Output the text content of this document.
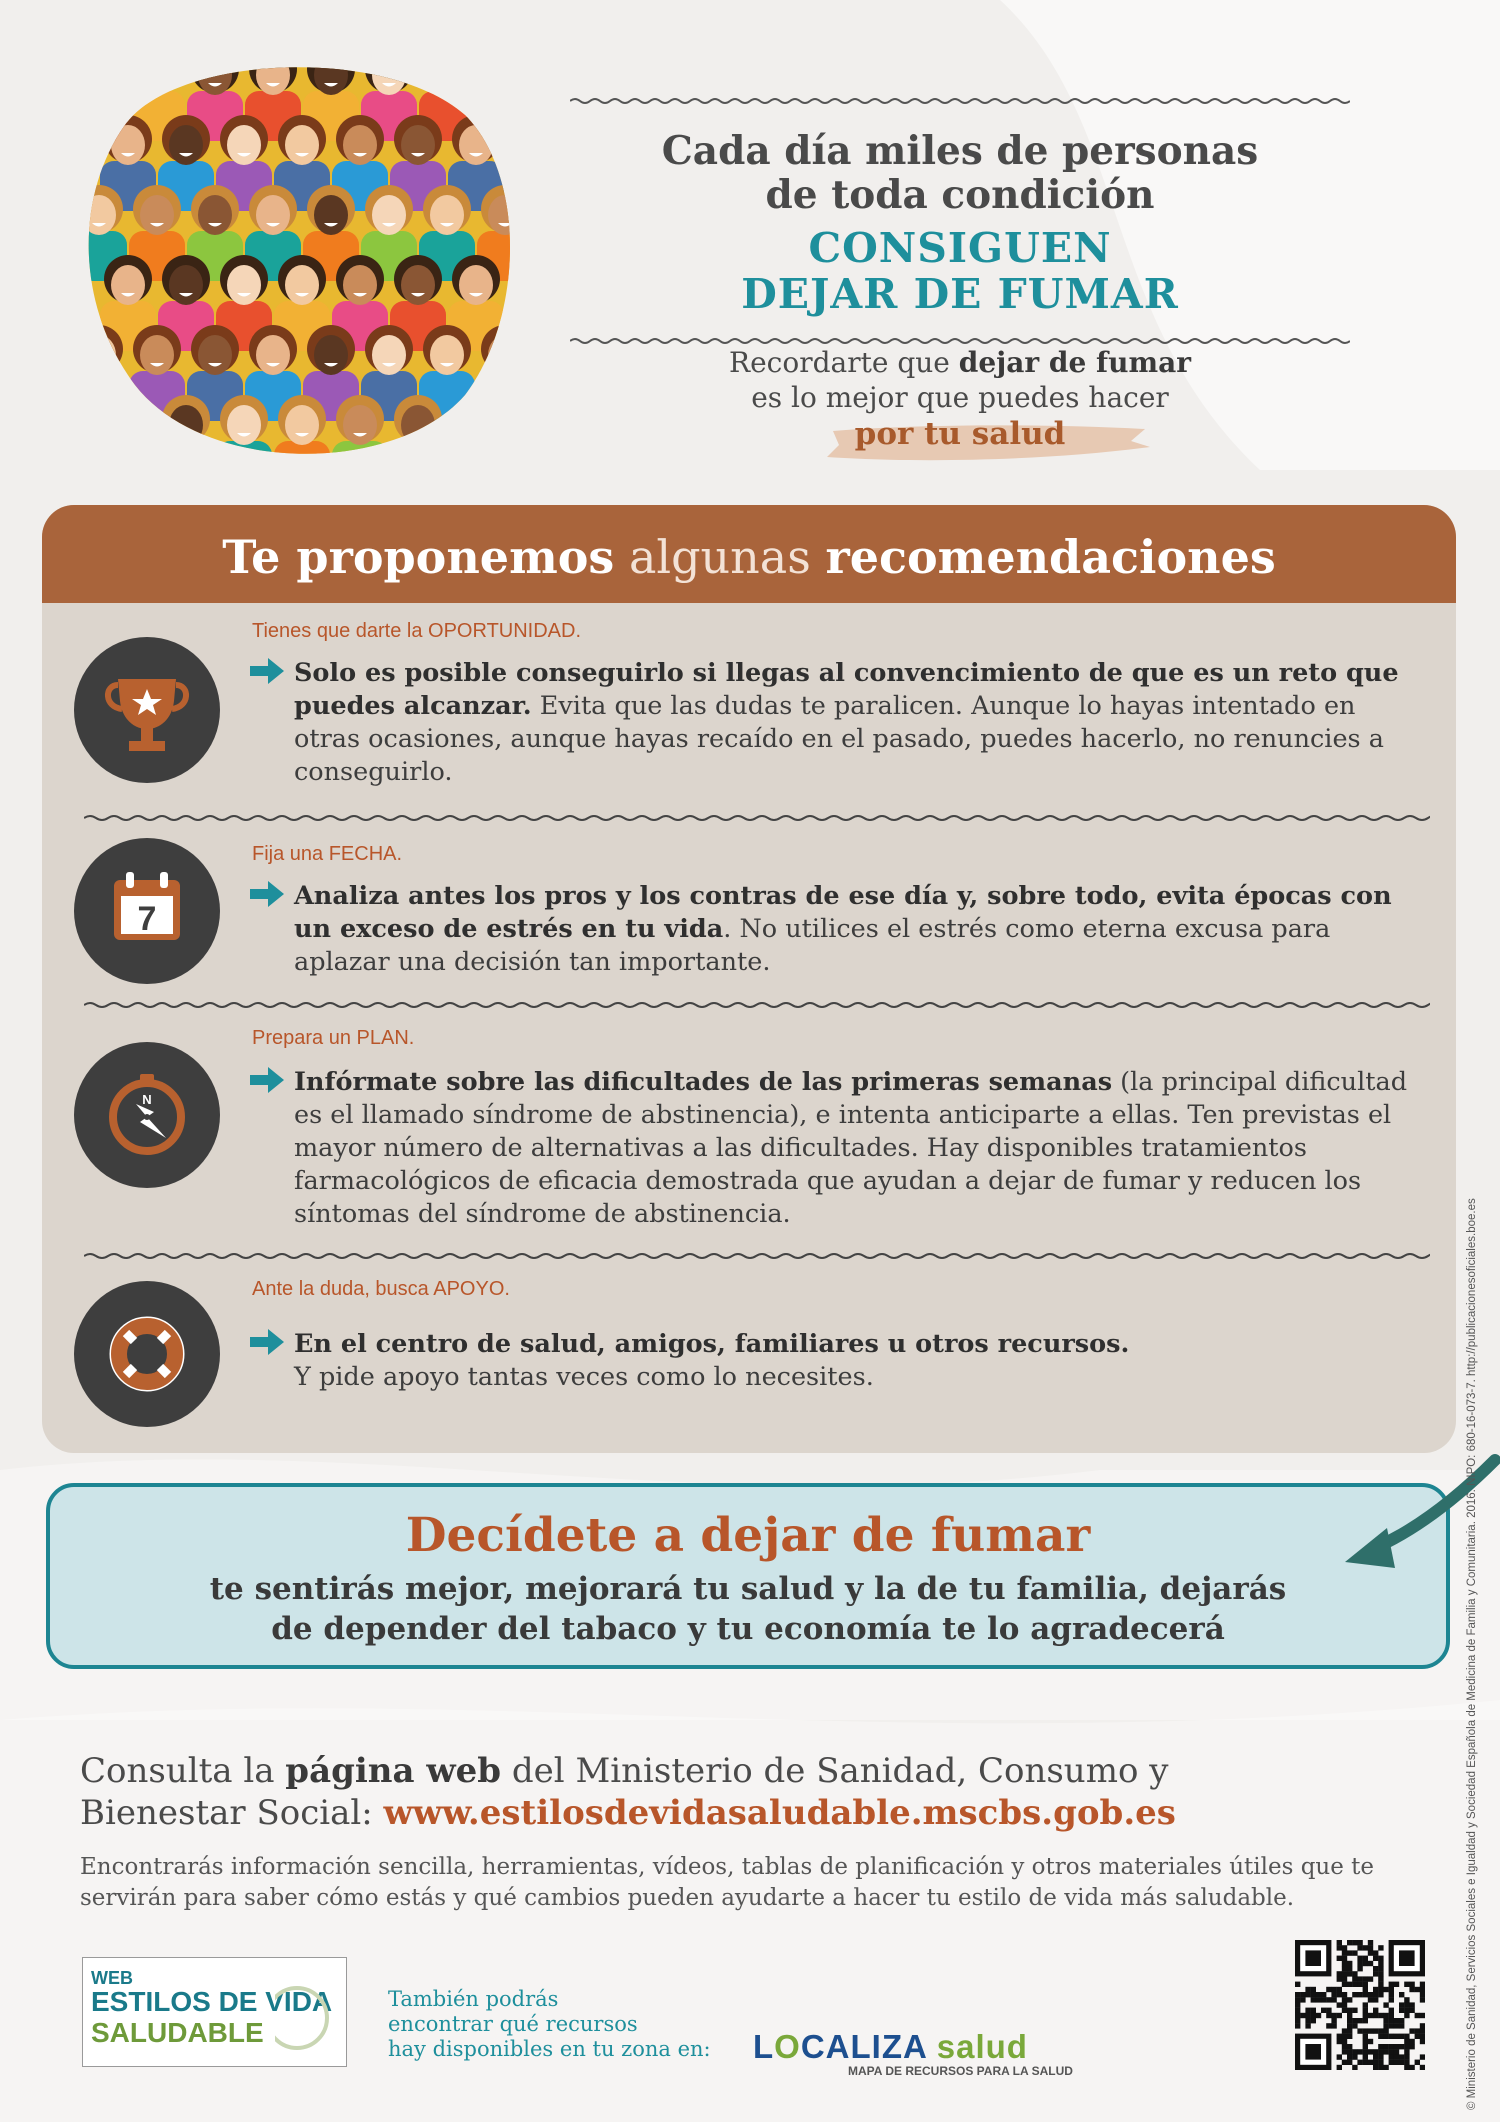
Cada día miles de personas
de toda condición
CONSIGUEN
DEJAR DE FUMAR
Recordarte que dejar de fumar
es lo mejor que puedes hacer
por tu salud
Te proponemos algunas recomendaciones
Tienes que darte la OPORTUNIDAD.
Solo es posible conseguirlo si llegas al convencimiento de que es un reto que puedes alcanzar. Evita que las dudas te paralicen. Aunque lo hayas intentado en otras ocasiones, aunque hayas recaído en el pasado, puedes hacerlo, no renuncies a conseguirlo.
Fija una FECHA.
7
Analiza antes los pros y los contras de ese día y, sobre todo, evita épocas con un exceso de estrés en tu vida. No utilices el estrés como eterna excusa para aplazar una decisión tan importante.
Prepara un PLAN.
N
Infórmate sobre las dificultades de las primeras semanas (la principal dificultad es el llamado síndrome de abstinencia), e intenta anticiparte a ellas. Ten previstas el mayor número de alternativas a las dificultades. Hay disponibles tratamientos farmacológicos de eficacia demostrada que ayudan a dejar de fumar y reducen los síntomas del síndrome de abstinencia.
Ante la duda, busca APOYO.
En el centro de salud, amigos, familiares u otros recursos.
Y pide apoyo tantas veces como lo necesites.
Decídete a dejar de fumar
te sentirás mejor, mejorará tu salud y la de tu familia, dejarás
de depender del tabaco y tu economía te lo agradecerá
Consulta la página web del Ministerio de Sanidad, Consumo y
Bienestar Social: www.estilosdevidasaludable.mscbs.gob.es
Encontrarás información sencilla, herramientas, vídeos, tablas de planificación y otros materiales útiles que te servirán para saber cómo estás y qué cambios pueden ayudarte a hacer tu estilo de vida más saludable.
WEB
ESTILOS DE VIDA
SALUDABLE
También podrás
encontrar qué recursos
hay disponibles en tu zona en: LOCALIZA salud
MAPA DE RECURSOS PARA LA SALUD	© Ministerio de Sanidad, Servicios Sociales e Igualdad y Sociedad Española de Medicina de Familia y Comunitaria. 2016. NIPO: 680-16-073-7. http://publicacionesoficiales.boe.es
